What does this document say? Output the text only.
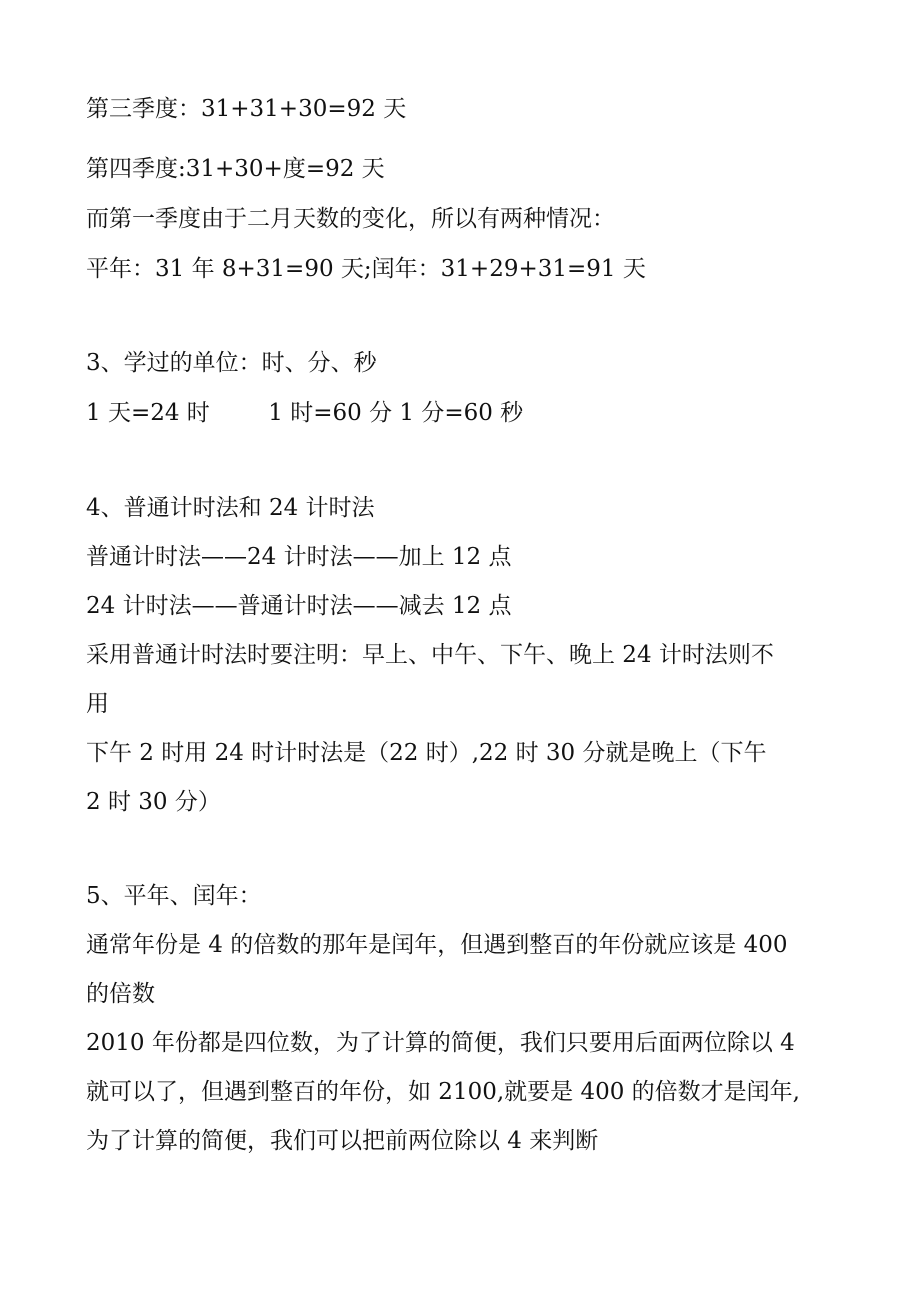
第三季度：31+31+30=92 天
第四季度:31+30+度=92 天
而第一季度由于二月天数的变化，所以有两种情况：
平年：31 年 8+31=90 天;闰年：31+29+31=91 天
3、学过的单位：时、分、秒
1 天=24 时        1 时=60 分 1 分=60 秒
4、普通计时法和 24 计时法
普通计时法——24 计时法——加上 12 点
24 计时法——普通计时法——减去 12 点
采用普通计时法时要注明：早上、中午、下午、晚上 24 计时法则不
用
下午 2 时用 24 时计时法是（22 时）,22 时 30 分就是晚上（下午
2 时 30 分）
5、平年、闰年：
通常年份是 4 的倍数的那年是闰年，但遇到整百的年份就应该是 400
的倍数
2010 年份都是四位数，为了计算的简便，我们只要用后面两位除以 4
就可以了，但遇到整百的年份，如 2100,就要是 400 的倍数才是闰年,
为了计算的简便，我们可以把前两位除以 4 来判断
